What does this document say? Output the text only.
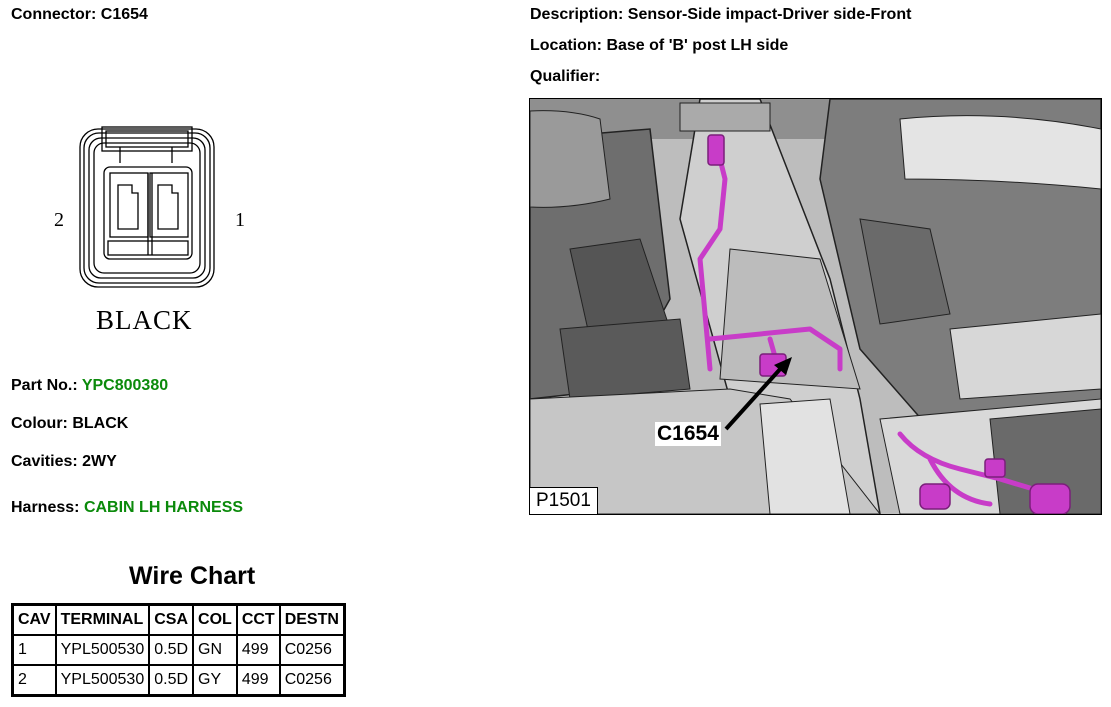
Connector: C1654
2	1
BLACK
Part No.: YPC800380
Colour: BLACK
Cavities: 2WY
Harness: CABIN LH HARNESS
Wire Chart
CAV	TERMINAL	CSA	COL	CCT	DESTN
1	YPL500530	0.5D	GN	499	C0256
2	YPL500530	0.5D	GY	499	C0256
Description: Sensor-Side impact-Driver side-Front
Location: Base of 'B' post LH side
Qualifier:
C1654
P1501
